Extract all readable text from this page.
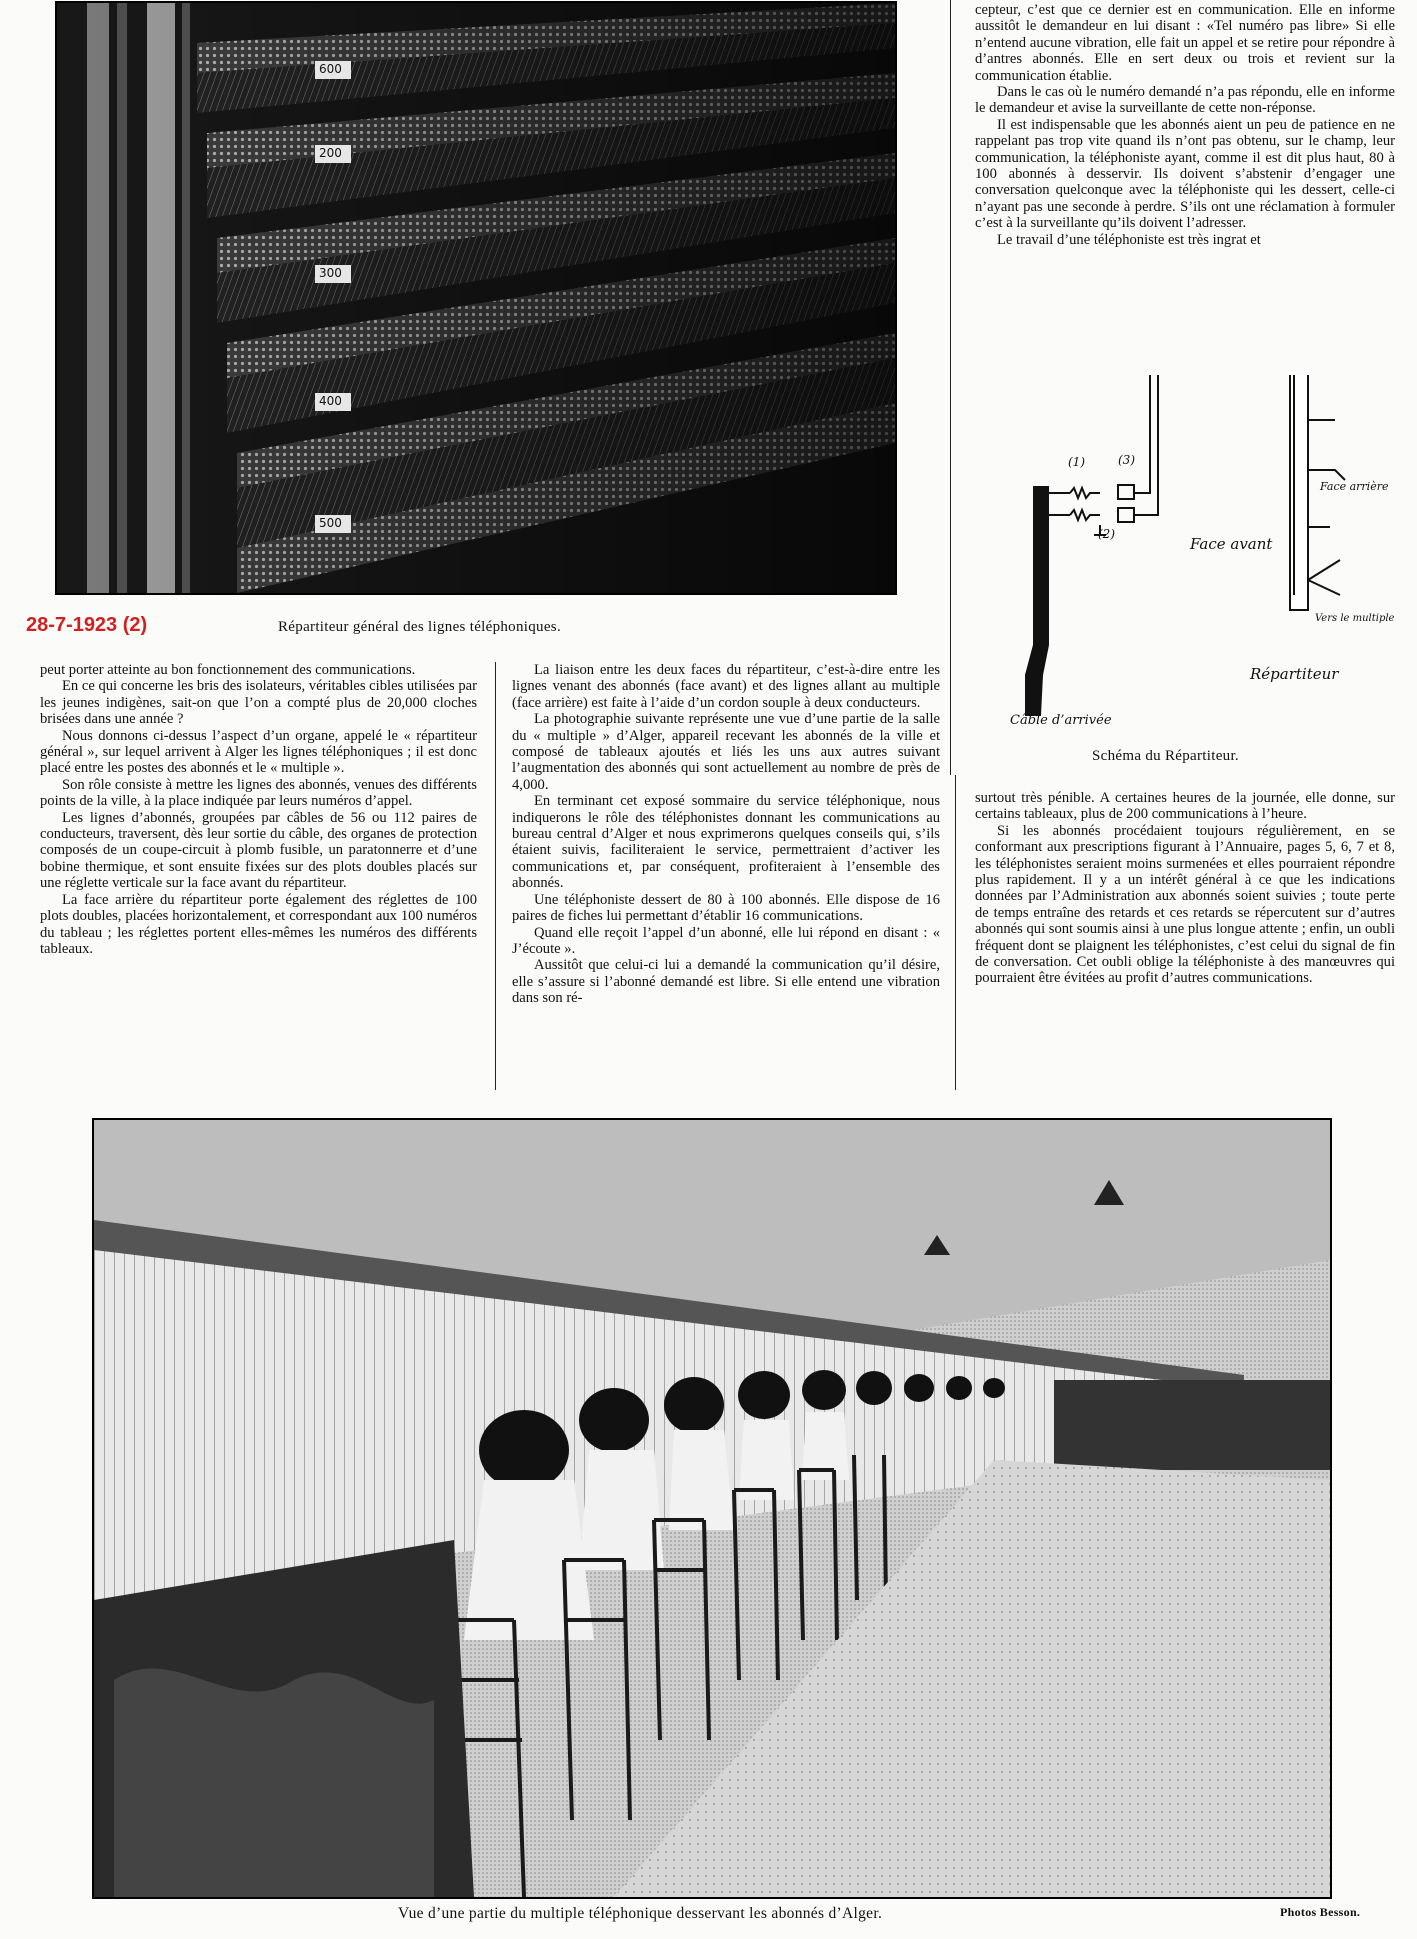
200
300
400
500
600
28-7-1923 (2)	Répartiteur général des lignes téléphoniques.

cepteur, c’est que ce dernier est en communication. Elle en informe aussitôt le demandeur en lui disant : «Tel numéro pas libre» Si elle n’entend aucune vibration, elle fait un appel et se retire pour répondre à d’antres abonnés. Elle en sert deux ou trois et revient sur la communication établie.

Dans le cas où le numéro demandé n’a pas répondu, elle en informe le demandeur et avise la surveillante de cette non-réponse.

Il est indispensable que les abonnés aient un peu de patience en ne rappelant pas trop vite quand ils n’ont pas obtenu, sur le champ, leur communication, la téléphoniste ayant, comme il est dit plus haut, 80 à 100 abonnés à desservir. Ils doivent s’abstenir d’engager une conversation quelconque avec la téléphoniste qui les dessert, celle-ci n’ayant pas une seconde à perdre. S’ils ont une réclamation à formuler c’est à la surveillante qu’ils doivent l’adresser.

Le travail d’une téléphoniste est très ingrat et

(1)	(3)
(2)
Face avant
Face arrière
Vers le multiple
Répartiteur
Câble d’arrivée
Schéma du Répartiteur.

peut porter atteinte au bon fonctionnement des communications.

En ce qui concerne les bris des isolateurs, véritables cibles utilisées par les jeunes indigènes, sait-on que l’on a compté plus de 20,000 cloches brisées dans une année ?

Nous donnons ci-dessus l’aspect d’un organe, appelé le « répartiteur général », sur lequel arrivent à Alger les lignes téléphoniques ; il est donc placé entre les postes des abonnés et le « multiple ».

Son rôle consiste à mettre les lignes des abonnés, venues des différents points de la ville, à la place indiquée par leurs numéros d’appel.

Les lignes d’abonnés, groupées par câbles de 56 ou 112 paires de conducteurs, traversent, dès leur sortie du câble, des organes de protection composés de un coupe-circuit à plomb fusible, un paratonnerre et d’une bobine thermique, et sont ensuite fixées sur des plots doubles placés sur une réglette verticale sur la face avant du répartiteur.

La face arrière du répartiteur porte également des réglettes de 100 plots doubles, placées horizontalement, et correspondant aux 100 numéros du tableau ; les réglettes portent elles-mêmes les numéros des différents tableaux.

La liaison entre les deux faces du répartiteur, c’est-à-dire entre les lignes venant des abonnés (face avant) et des lignes allant au multiple (face arrière) est faite à l’aide d’un cordon souple à deux conducteurs.

La photographie suivante représente une vue d’une partie de la salle du « multiple » d’Alger, appareil recevant les abonnés de la ville et composé de tableaux ajoutés et liés les uns aux autres suivant l’augmentation des abonnés qui sont actuellement au nombre de près de 4,000.

En terminant cet exposé sommaire du service téléphonique, nous indiquerons le rôle des téléphonistes donnant les communications au bureau central d’Alger et nous exprimerons quelques conseils qui, s’ils étaient suivis, faciliteraient le service, permettraient d’activer les communications et, par conséquent, profiteraient à l’ensemble des abonnés.

Une téléphoniste dessert de 80 à 100 abonnés. Elle dispose de 16 paires de fiches lui permettant d’établir 16 communications.

Quand elle reçoit l’appel d’un abonné, elle lui répond en disant : « J’écoute ».

Aussitôt que celui-ci lui a demandé la communication qu’il désire, elle s’assure si l’abonné demandé est libre. Si elle entend une vibration dans son ré-

surtout très pénible. A certaines heures de la journée, elle donne, sur certains tableaux, plus de 200 communications à l’heure.

Si les abonnés procédaient toujours régulièrement, en se conformant aux prescriptions figurant à l’Annuaire, pages 5, 6, 7 et 8, les téléphonistes seraient moins surmenées et elles pourraient répondre plus rapidement. Il y a un intérêt général à ce que les indications données par l’Administration aux abonnés soient suivies ; toute perte de temps entraîne des retards et ces retards se répercutent sur d’autres abonnés qui sont soumis ainsi à une plus longue attente ; enfin, un oubli fréquent dont se plaignent les téléphonistes, c’est celui du signal de fin de conversation. Cet oubli oblige la téléphoniste à des manœuvres qui pourraient être évitées au profit d’autres communications.

Vue d’une partie du multiple téléphonique desservant les abonnés d’Alger.	Photos Besson.
